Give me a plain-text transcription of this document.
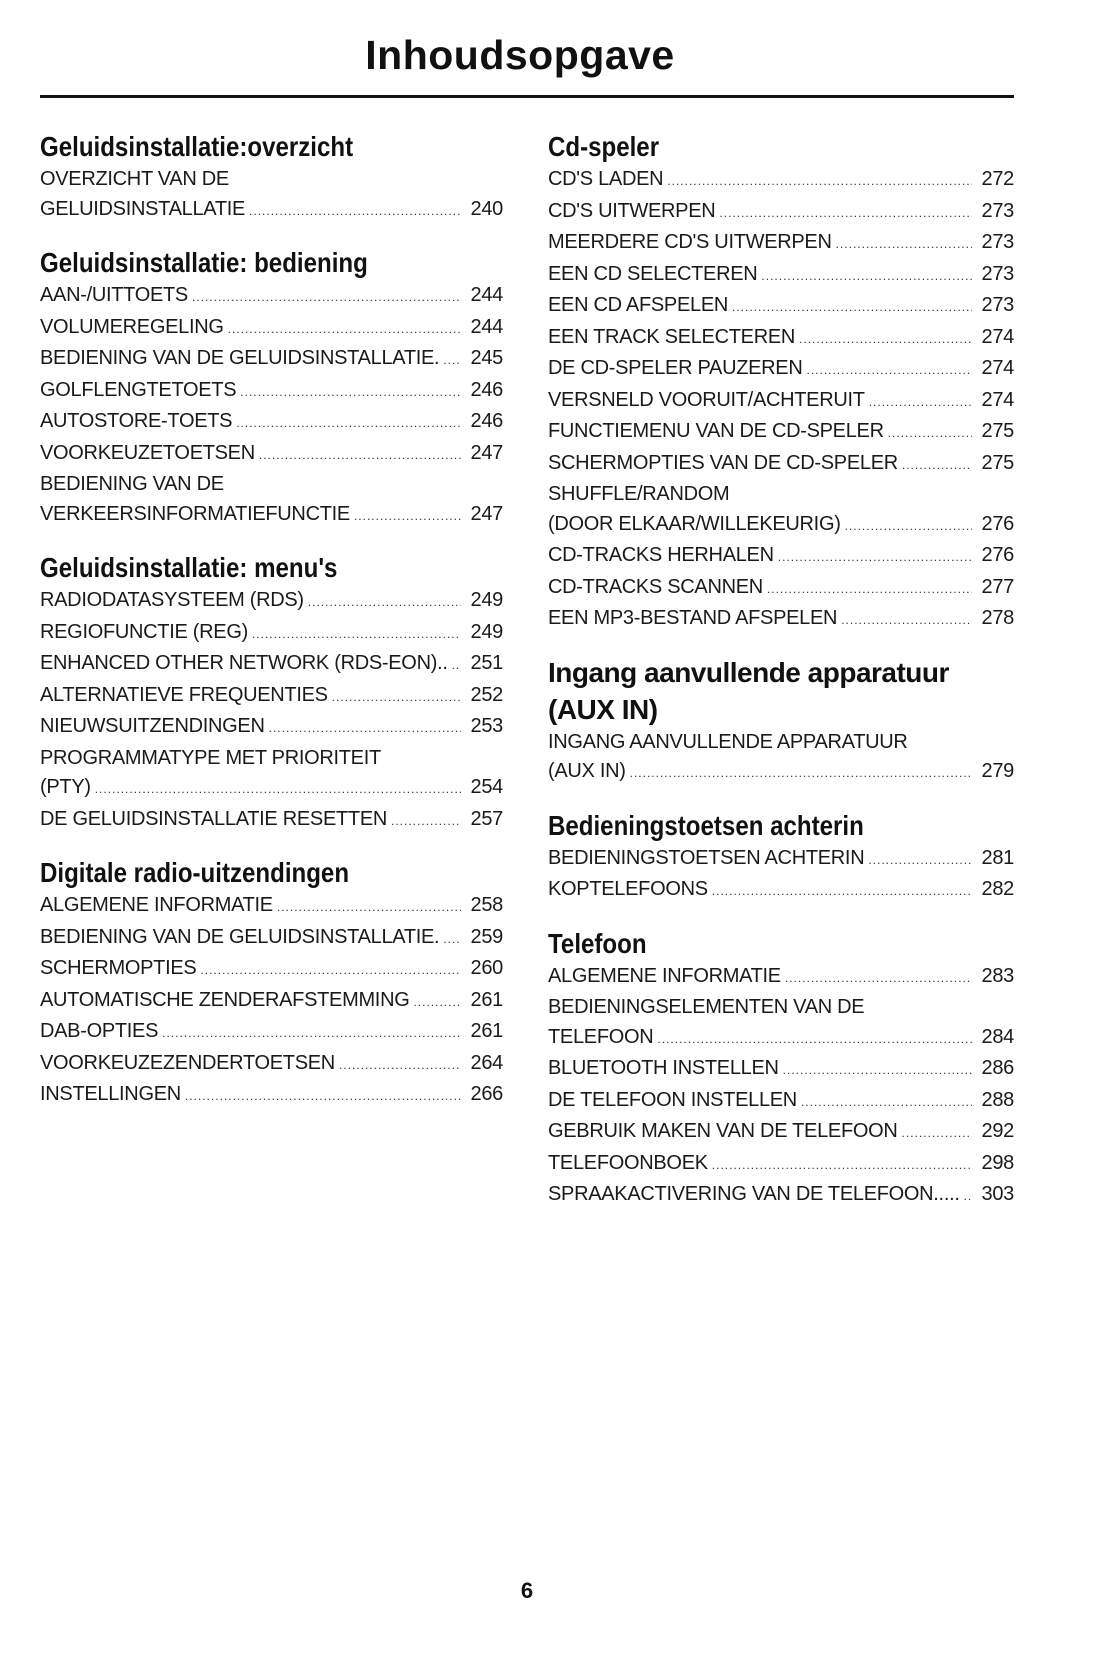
Inhoudsopgave
Geluidsinstallatie:overzicht
OVERZICHT VAN DE
GELUIDSINSTALLATIE .....	240
Geluidsinstallatie: bediening
AAN-/UITTOETS .....	244
VOLUMEREGELING .....	244
BEDIENING VAN DE GELUIDSINSTALLATIE. ..... 245
GOLFLENGTETOETS .....	246
AUTOSTORE-TOETS .....	246
VOORKEUZETOETSEN .....	247
BEDIENING VAN DE
VERKEERSINFORMATIEFUNCTIE .....	247
Geluidsinstallatie: menu's
RADIODATASYSTEEM (RDS) .....	249
REGIOFUNCTIE (REG) .....	249
ENHANCED OTHER NETWORK (RDS-EON).. ..... 251
ALTERNATIEVE FREQUENTIES .....	252
NIEUWSUITZENDINGEN .....	253
PROGRAMMATYPE MET PRIORITEIT
(PTY) .....	254
DE GELUIDSINSTALLATIE RESETTEN .....	257
Digitale radio-uitzendingen
ALGEMENE INFORMATIE .....	258
BEDIENING VAN DE GELUIDSINSTALLATIE. ..... 259
SCHERMOPTIES .....	260
AUTOMATISCHE ZENDERAFSTEMMING .....	261
DAB-OPTIES .....	261
VOORKEUZEZENDERTOETSEN .....	264
INSTELLINGEN .....	266
Cd-speler
CD'S LADEN .....	272
CD'S UITWERPEN .....	273
MEERDERE CD'S UITWERPEN .....	273
EEN CD SELECTEREN .....	273
EEN CD AFSPELEN .....	273
EEN TRACK SELECTEREN .....	274
DE CD-SPELER PAUZEREN .....	274
VERSNELD VOORUIT/ACHTERUIT .....	274
FUNCTIEMENU VAN DE CD-SPELER .....	275
SCHERMOPTIES VAN DE CD-SPELER .....	275
SHUFFLE/RANDOM
(DOOR ELKAAR/WILLEKEURIG) .....	276
CD-TRACKS HERHALEN .....	276
CD-TRACKS SCANNEN .....	277
EEN MP3-BESTAND AFSPELEN .....	278
Ingang aanvullende apparatuur (AUX IN)
INGANG AANVULLENDE APPARATUUR
(AUX IN) .....	279
Bedieningstoetsen achterin
BEDIENINGSTOETSEN ACHTERIN .....	281
KOPTELEFOONS .....	282
Telefoon
ALGEMENE INFORMATIE .....	283
BEDIENINGSELEMENTEN VAN DE
TELEFOON .....	284
BLUETOOTH INSTELLEN .....	286
DE TELEFOON INSTELLEN .....	288
GEBRUIK MAKEN VAN DE TELEFOON .....	292
TELEFOONBOEK .....	298
SPRAAKACTIVERING VAN DE TELEFOON..... ..... 303
6
